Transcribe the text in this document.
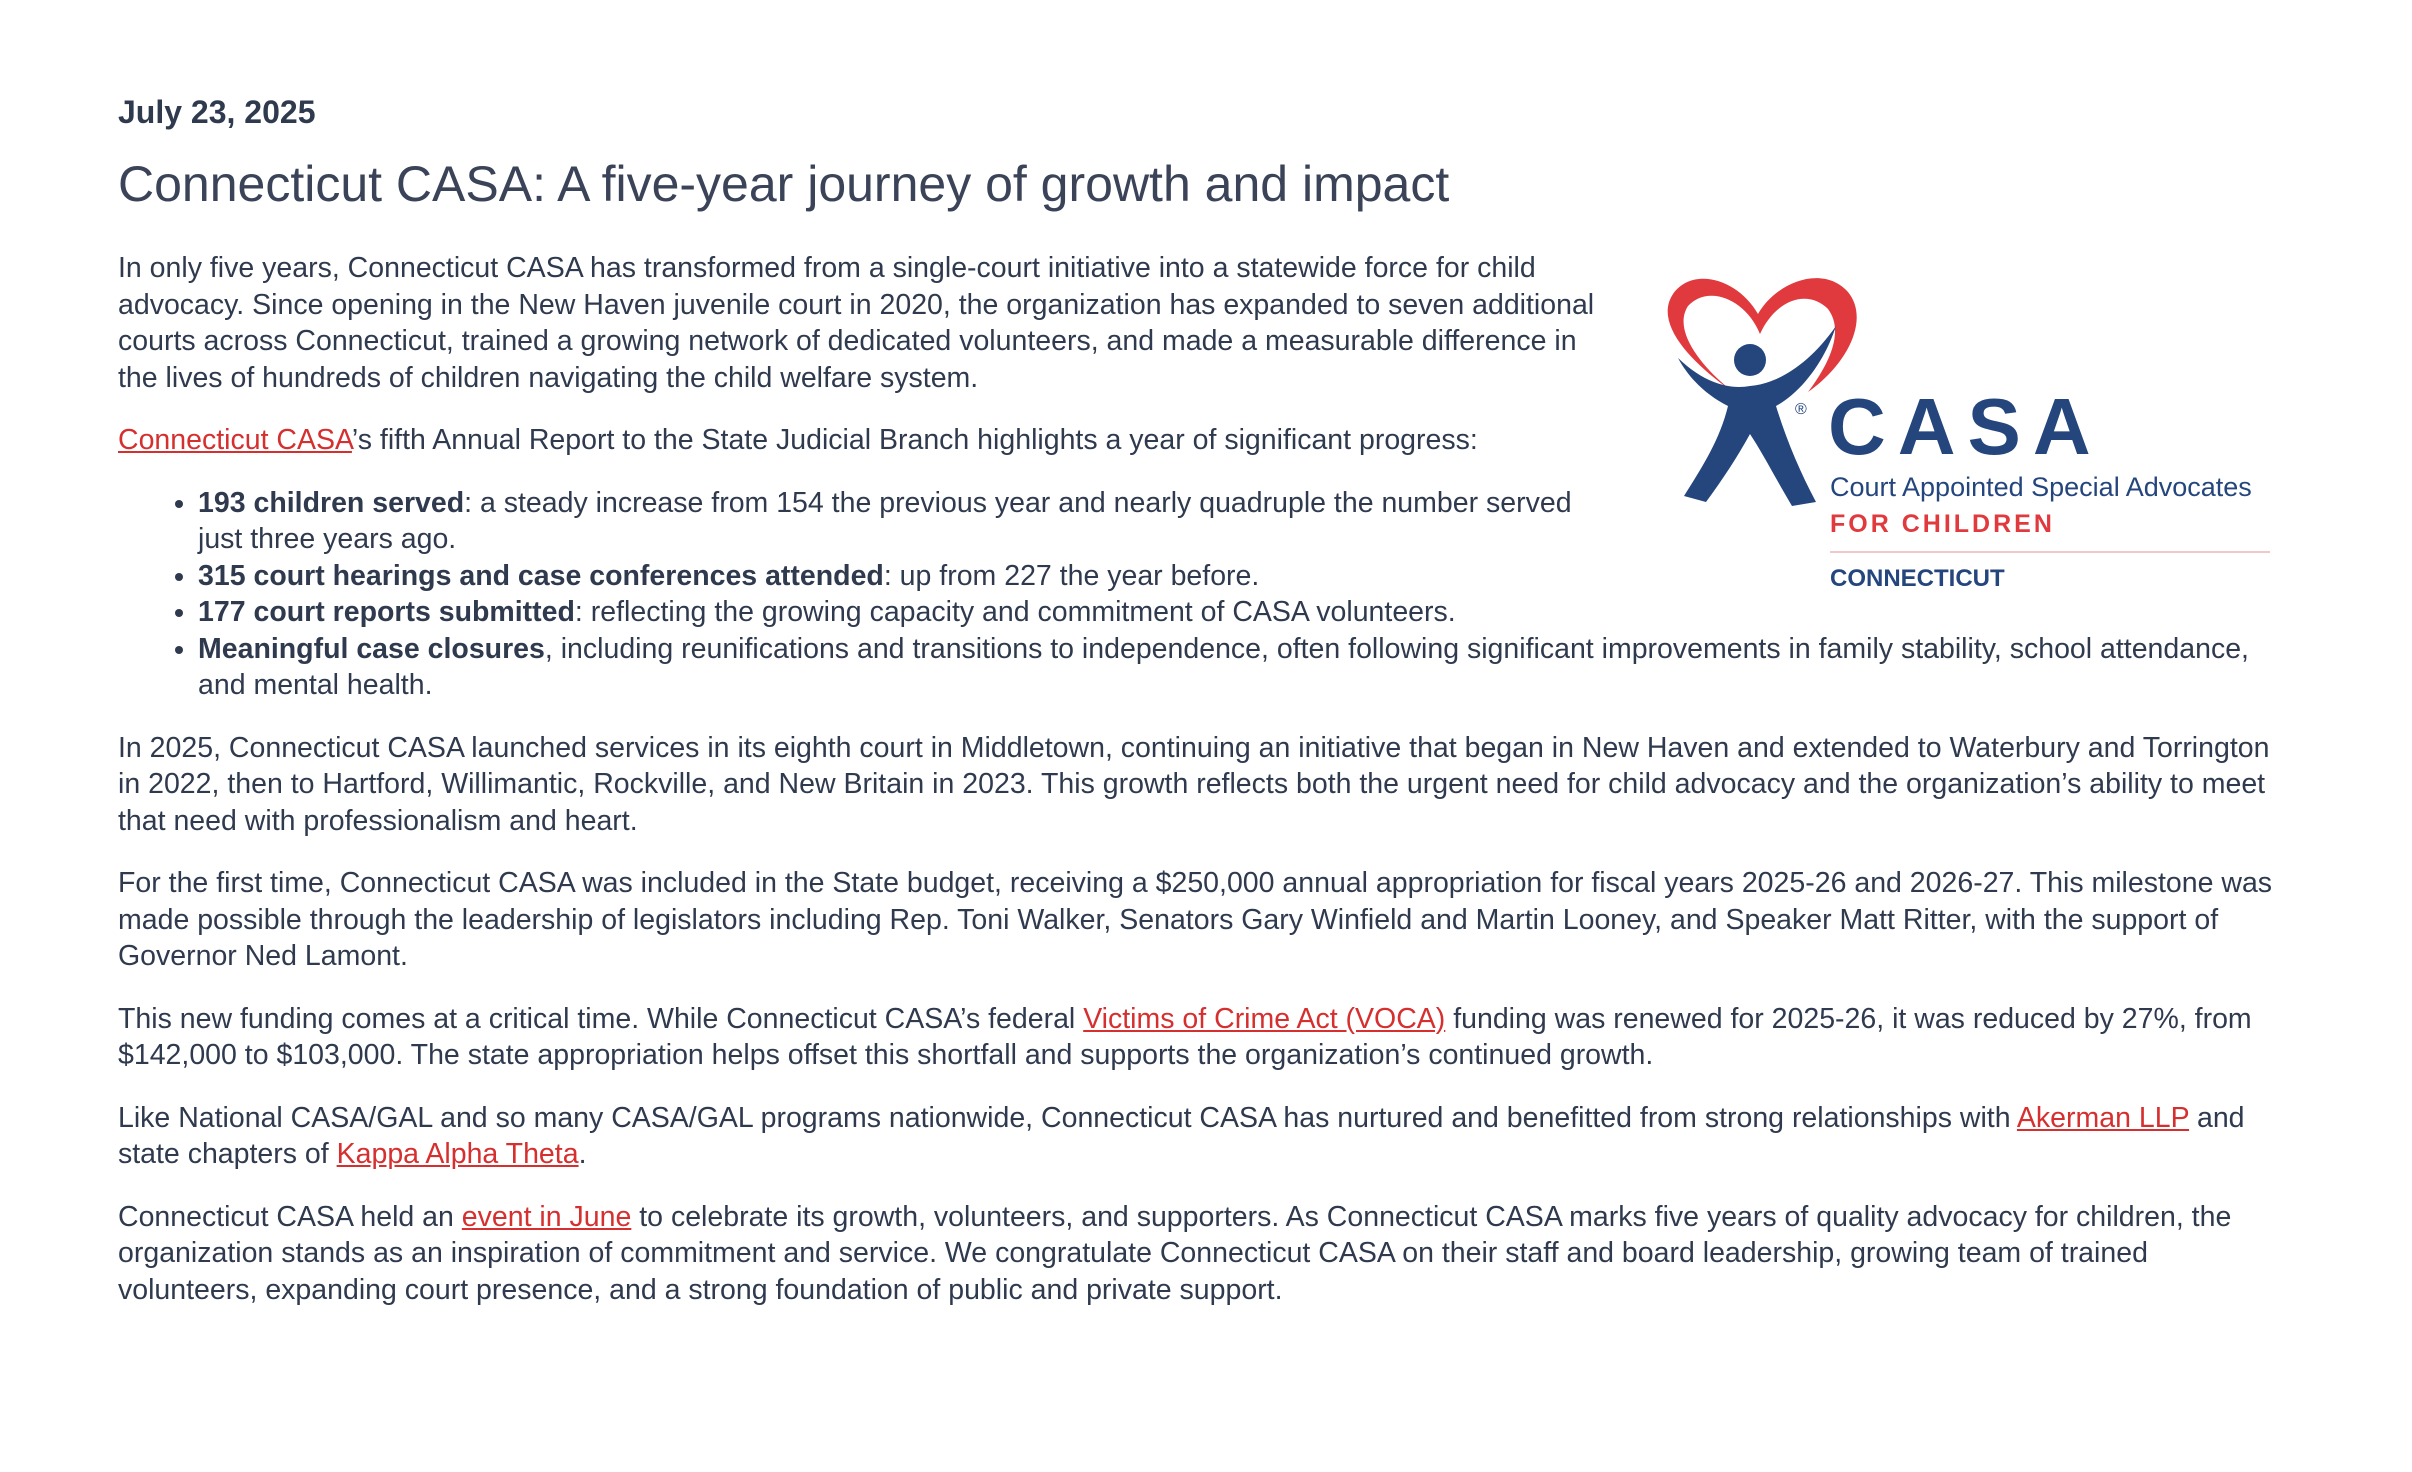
July 23, 2025
Connecticut CASA: A five-year journey of growth and impact
® CASA
Court Appointed Special Advocates
FOR CHILDREN
CONNECTICUT

In only five years, Connecticut CASA has transformed from a single-court initiative into a statewide force for child advocacy. Since opening in the New Haven juvenile court in 2020, the organization has expanded to seven additional courts across Connecticut, trained a growing network of dedicated volunteers, and made a measurable difference in the lives of hundreds of children navigating the child welfare system.

Connecticut CASA’s fifth Annual Report to the State Judicial Branch highlights a year of significant progress:

• 193 children served: a steady increase from 154 the previous year and nearly quadruple the number served just three years ago.
• 315 court hearings and case conferences attended: up from 227 the year before.
• 177 court reports submitted: reflecting the growing capacity and commitment of CASA volunteers.
• Meaningful case closures, including reunifications and transitions to independence, often following significant improvements in family stability, school attendance, and mental health.

In 2025, Connecticut CASA launched services in its eighth court in Middletown, continuing an initiative that began in New Haven and extended to Waterbury and Torrington in 2022, then to Hartford, Willimantic, Rockville, and New Britain in 2023. This growth reflects both the urgent need for child advocacy and the organization’s ability to meet that need with professionalism and heart.

For the first time, Connecticut CASA was included in the State budget, receiving a $250,000 annual appropriation for fiscal years 2025-26 and 2026-27. This milestone was made possible through the leadership of legislators including Rep. Toni Walker, Senators Gary Winfield and Martin Looney, and Speaker Matt Ritter, with the support of Governor Ned Lamont.

This new funding comes at a critical time. While Connecticut CASA’s federal Victims of Crime Act (VOCA) funding was renewed for 2025-26, it was reduced by 27%, from $142,000 to $103,000. The state appropriation helps offset this shortfall and supports the organization’s continued growth.

Like National CASA/GAL and so many CASA/GAL programs nationwide, Connecticut CASA has nurtured and benefitted from strong relationships with Akerman LLP and state chapters of Kappa Alpha Theta.

Connecticut CASA held an event in June to celebrate its growth, volunteers, and supporters. As Connecticut CASA marks five years of quality advocacy for children, the organization stands as an inspiration of commitment and service. We congratulate Connecticut CASA on their staff and board leadership, growing team of trained volunteers, expanding court presence, and a strong foundation of public and private support.
